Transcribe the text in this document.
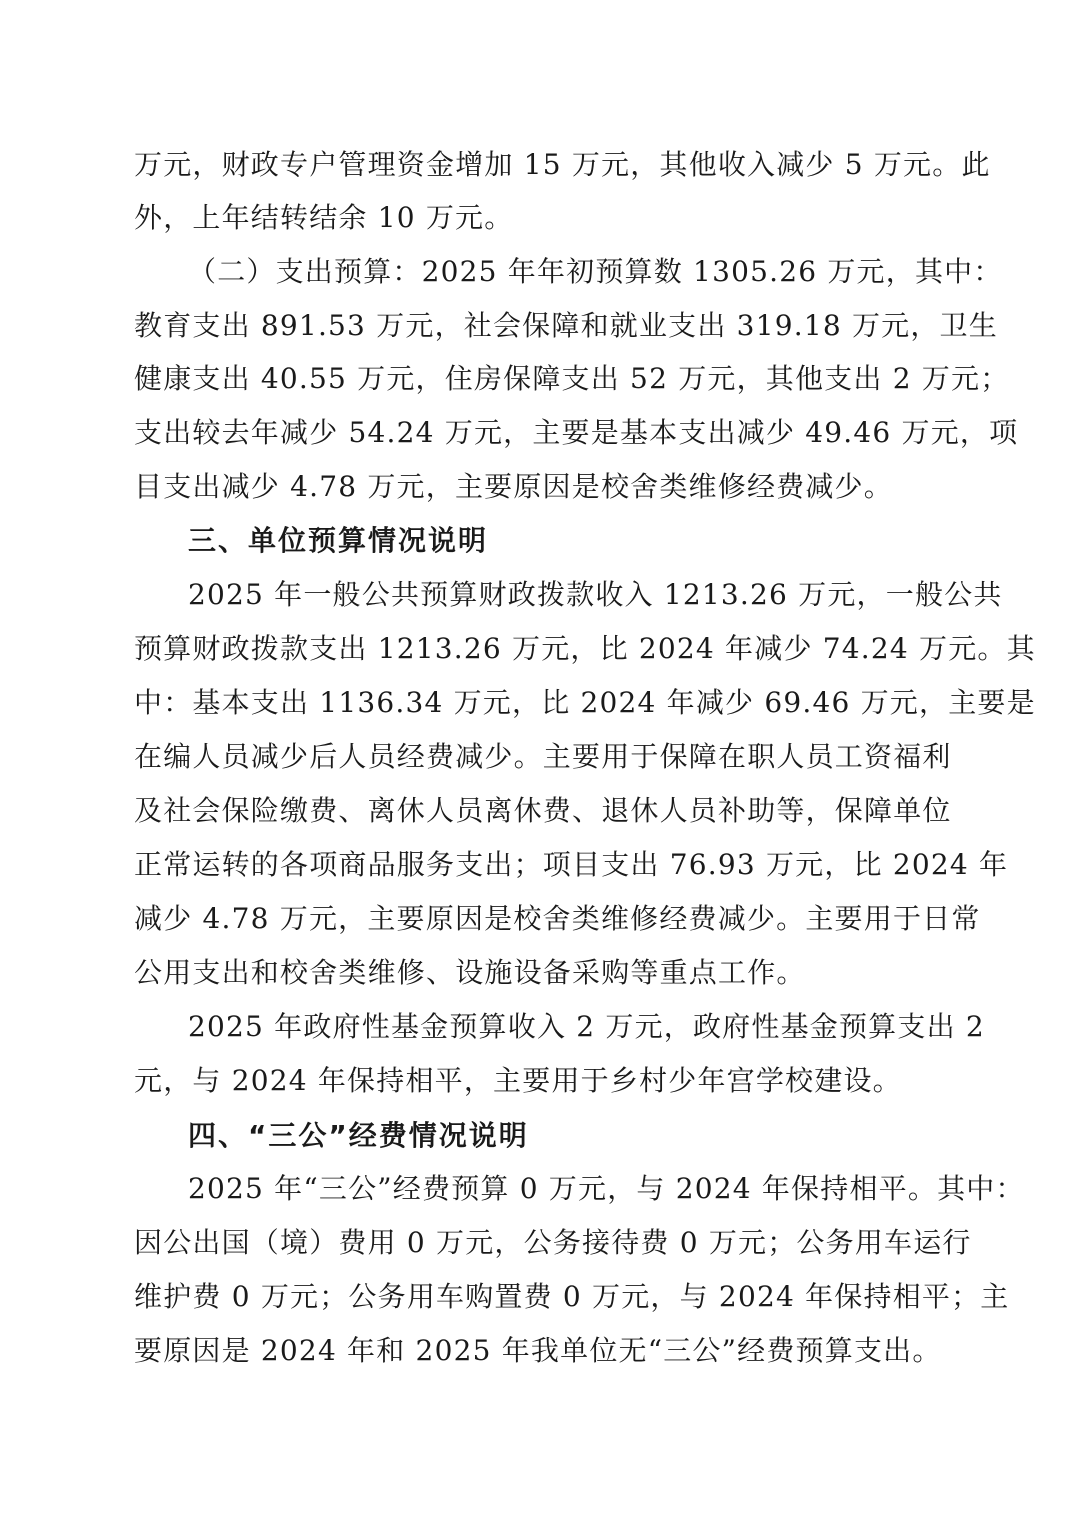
万元，财政专户管理资金增加 15 万元，其他收入减少 5 万元。此
外，上年结转结余 10 万元。
（二）支出预算：2025 年年初预算数 1305.26 万元，其中：
教育支出 891.53 万元，社会保障和就业支出 319.18 万元，卫生
健康支出 40.55 万元，住房保障支出 52 万元，其他支出 2 万元；
支出较去年减少 54.24 万元，主要是基本支出减少 49.46 万元，项
目支出减少 4.78 万元，主要原因是校舍类维修经费减少。
三、单位预算情况说明
2025 年一般公共预算财政拨款收入 1213.26 万元，一般公共
预算财政拨款支出 1213.26 万元，比 2024 年减少 74.24 万元。其
中：基本支出 1136.34 万元，比 2024 年减少 69.46 万元，主要是
在编人员减少后人员经费减少。主要用于保障在职人员工资福利
及社会保险缴费、离休人员离休费、退休人员补助等，保障单位
正常运转的各项商品服务支出；项目支出 76.93 万元，比 2024 年
减少 4.78 万元，主要原因是校舍类维修经费减少。主要用于日常
公用支出和校舍类维修、设施设备采购等重点工作。
2025 年政府性基金预算收入 2 万元，政府性基金预算支出 2
元，与 2024 年保持相平，主要用于乡村少年宫学校建设。
四、“三公”经费情况说明
2025 年“三公”经费预算 0 万元，与 2024 年保持相平。其中：
因公出国（境）费用 0 万元，公务接待费 0 万元；公务用车运行
维护费 0 万元；公务用车购置费 0 万元，与 2024 年保持相平；主
要原因是 2024 年和 2025 年我单位无“三公”经费预算支出。
